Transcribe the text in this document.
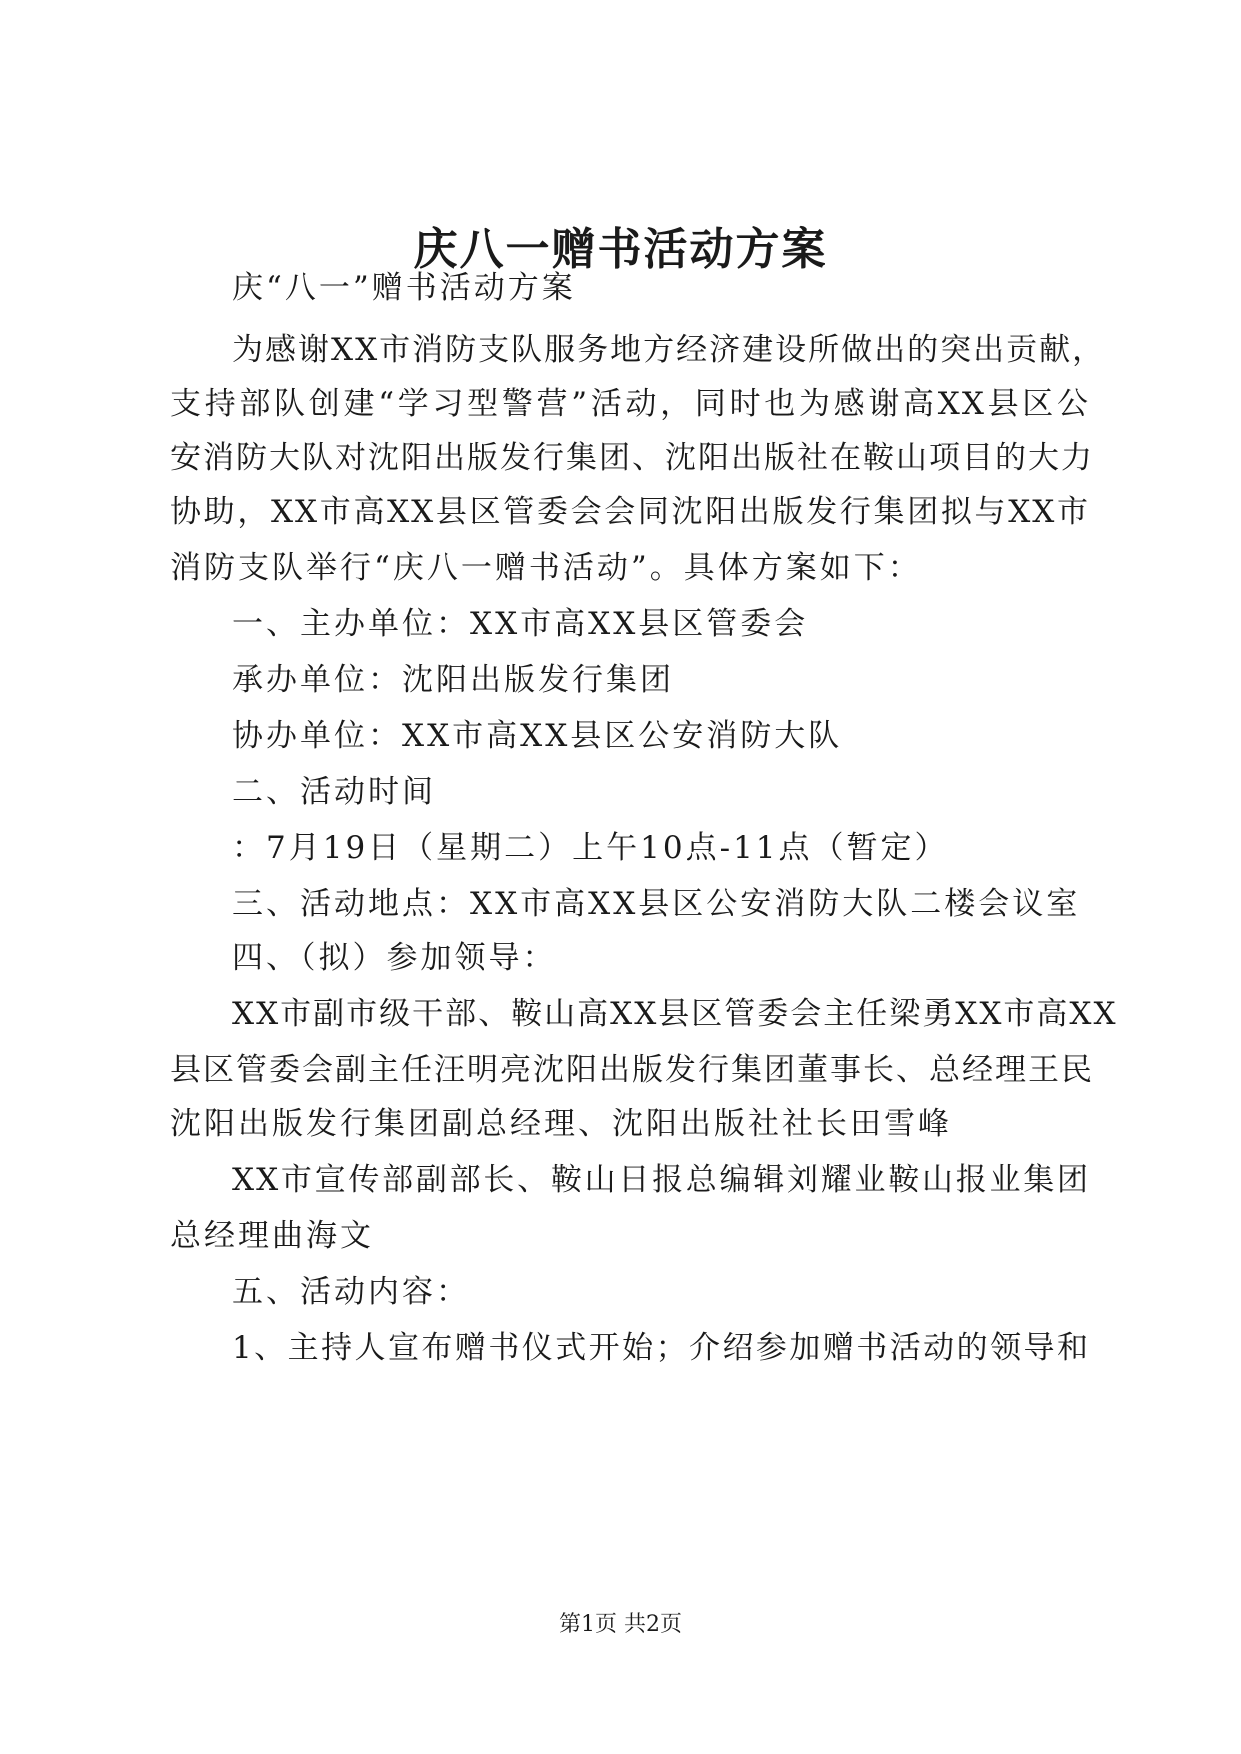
庆八一赠书活动方案
庆“八一”赠书活动方案
为感谢XX市消防支队服务地方经济建设所做出的突出贡献，
支持部队创建“学习型警营”活动，同时也为感谢高XX县区公
安消防大队对沈阳出版发行集团、沈阳出版社在鞍山项目的大力
协助，XX市高XX县区管委会会同沈阳出版发行集团拟与XX市
消防支队举行“庆八一赠书活动”。具体方案如下：
一、主办单位：XX市高XX县区管委会
承办单位：沈阳出版发行集团
协办单位：XX市高XX县区公安消防大队
二、活动时间
：7月19日（星期二）上午10点-11点（暂定）
三、活动地点：XX市高XX县区公安消防大队二楼会议室
四、（拟）参加领导：
XX市副市级干部、鞍山高XX县区管委会主任梁勇XX市高XX
县区管委会副主任汪明亮沈阳出版发行集团董事长、总经理王民
沈阳出版发行集团副总经理、沈阳出版社社长田雪峰
XX市宣传部副部长、鞍山日报总编辑刘耀业鞍山报业集团
总经理曲海文
五、活动内容：
1、主持人宣布赠书仪式开始；介绍参加赠书活动的领导和
第1页 共2页
